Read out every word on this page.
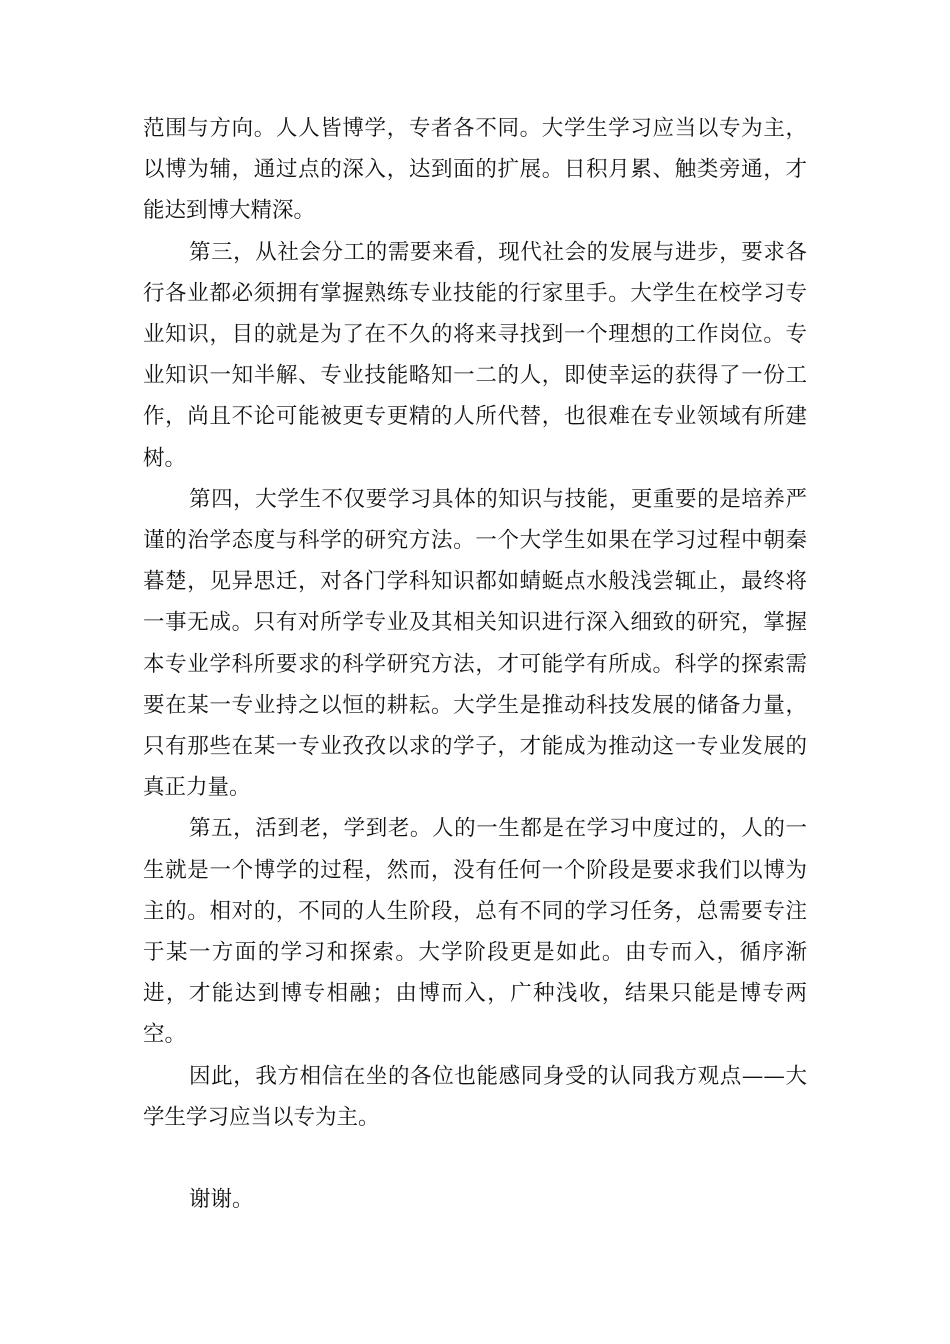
范围与方向。人人皆博学，专者各不同。大学生学习应当以专为主，以博为辅，通过点的深入，达到面的扩展。日积月累、触类旁通，才能达到博大精深。

第三，从社会分工的需要来看，现代社会的发展与进步，要求各行各业都必须拥有掌握熟练专业技能的行家里手。大学生在校学习专业知识，目的就是为了在不久的将来寻找到一个理想的工作岗位。专业知识一知半解、专业技能略知一二的人，即使幸运的获得了一份工作，尚且不论可能被更专更精的人所代替，也很难在专业领域有所建树。

第四，大学生不仅要学习具体的知识与技能，更重要的是培养严谨的治学态度与科学的研究方法。一个大学生如果在学习过程中朝秦暮楚，见异思迁，对各门学科知识都如蜻蜓点水般浅尝辄止，最终将一事无成。只有对所学专业及其相关知识进行深入细致的研究，掌握本专业学科所要求的科学研究方法，才可能学有所成。科学的探索需要在某一专业持之以恒的耕耘。大学生是推动科技发展的储备力量，只有那些在某一专业孜孜以求的学子，才能成为推动这一专业发展的真正力量。

第五，活到老，学到老。人的一生都是在学习中度过的，人的一生就是一个博学的过程，然而，没有任何一个阶段是要求我们以博为主的。相对的，不同的人生阶段，总有不同的学习任务，总需要专注于某一方面的学习和探索。大学阶段更是如此。由专而入，循序渐进，才能达到博专相融；由博而入，广种浅收，结果只能是博专两空。

因此，我方相信在坐的各位也能感同身受的认同我方观点——大学生学习应当以专为主。

谢谢。
